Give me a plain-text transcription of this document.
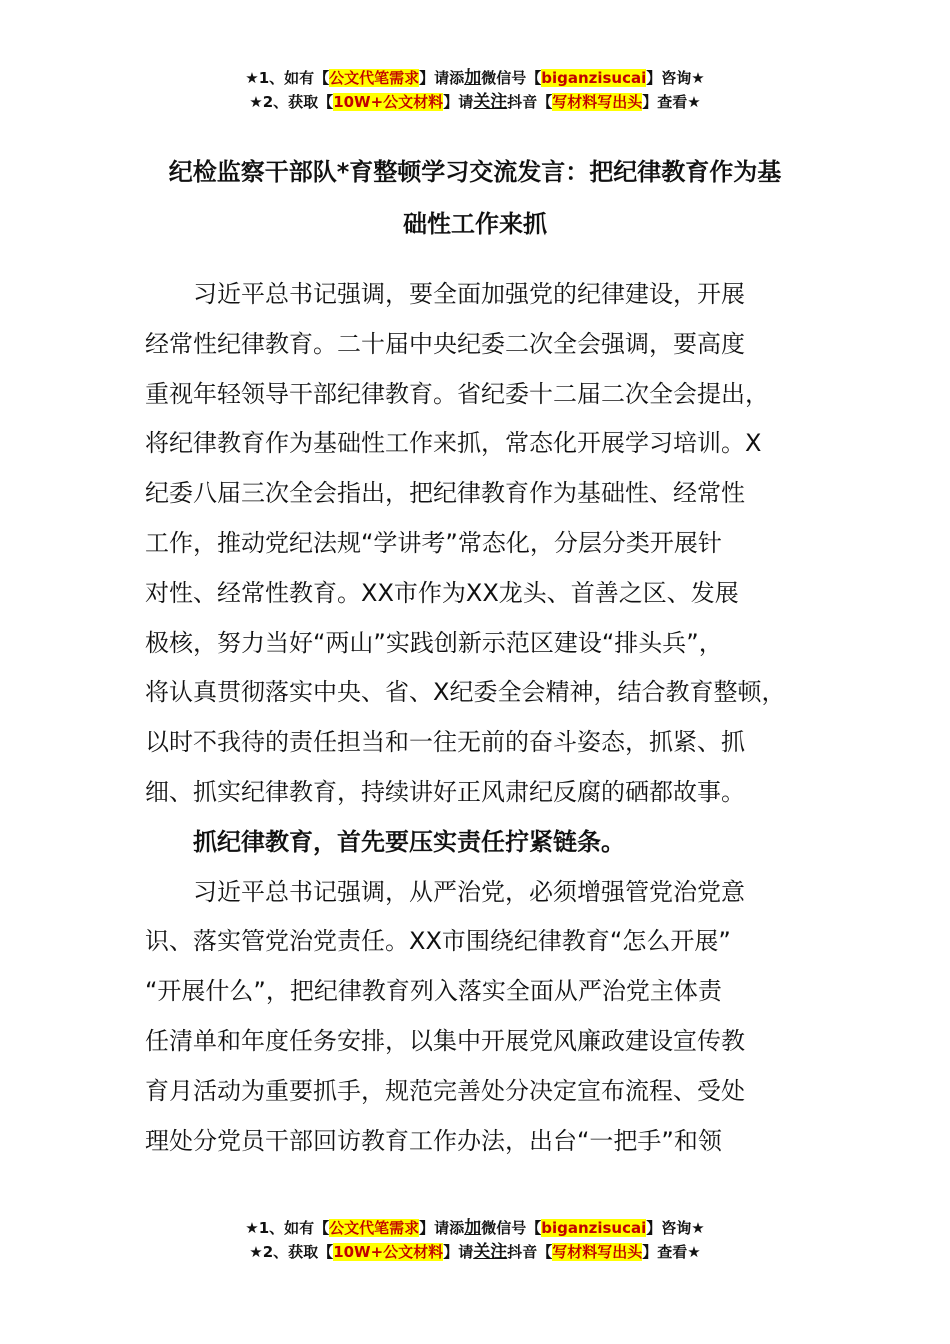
★1、如有【公文代笔需求】请添加微信号【biganzisucai】咨询★
★2、获取【10W+公文材料】请关注抖音【写材料写出头】查看★
纪检监察干部队*育整顿学习交流发言：把纪律教育作为基
础性工作来抓

习近平总书记强调，要全面加强党的纪律建设，开展
经常性纪律教育。二十届中央纪委二次全会强调，要高度
重视年轻领导干部纪律教育。省纪委十二届二次全会提出，
将纪律教育作为基础性工作来抓，常态化开展学习培训。X
纪委八届三次全会指出，把纪律教育作为基础性、经常性
工作，推动党纪法规“学讲考”常态化，分层分类开展针
对性、经常性教育。XX市作为XX龙头、首善之区、发展
极核，努力当好“两山”实践创新示范区建设“排头兵”，
将认真贯彻落实中央、省、X纪委全会精神，结合教育整顿，
以时不我待的责任担当和一往无前的奋斗姿态，抓紧、抓
细、抓实纪律教育，持续讲好正风肃纪反腐的硒都故事。

抓纪律教育，首先要压实责任拧紧链条。

习近平总书记强调，从严治党，必须增强管党治党意
识、落实管党治党责任。XX市围绕纪律教育“怎么开展”
“开展什么”，把纪律教育列入落实全面从严治党主体责
任清单和年度任务安排，以集中开展党风廉政建设宣传教
育月活动为重要抓手，规范完善处分决定宣布流程、受处
理处分党员干部回访教育工作办法，出台“一把手”和领

★1、如有【公文代笔需求】请添加微信号【biganzisucai】咨询★
★2、获取【10W+公文材料】请关注抖音【写材料写出头】查看★
